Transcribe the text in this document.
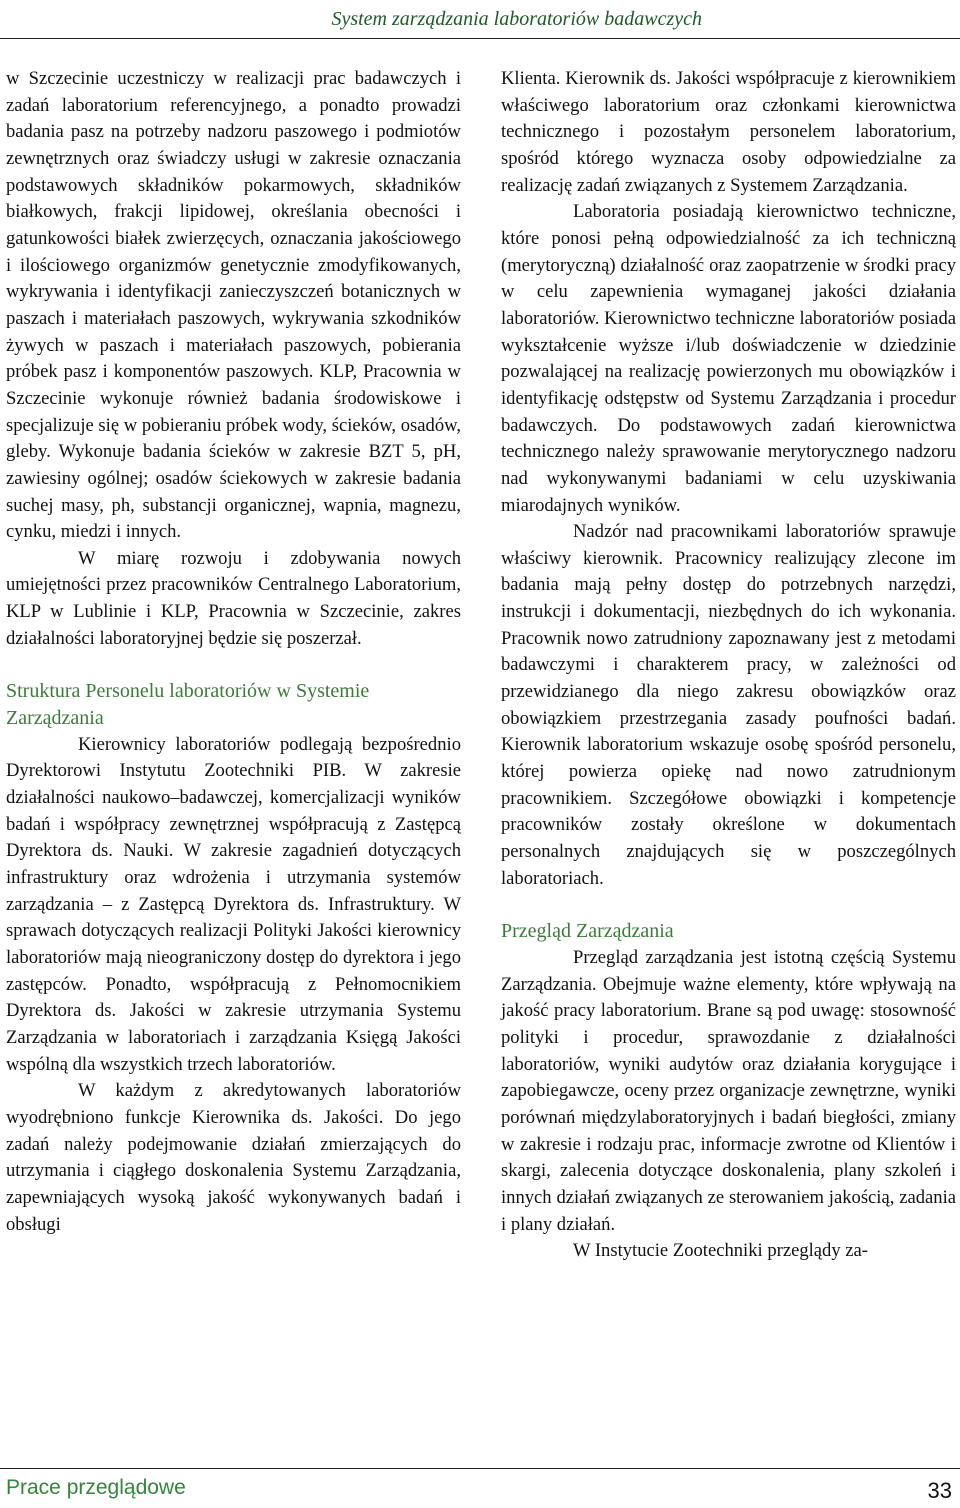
System zarządzania laboratoriów badawczych

w Szczecinie uczestniczy w realizacji prac badawczych i zadań laboratorium referencyjnego, a ponadto prowadzi badania pasz na potrzeby nadzoru paszowego i podmiotów zewnętrznych oraz świadczy usługi w zakresie oznaczania podstawowych składników pokarmowych, składników białkowych, frakcji lipidowej, określania obecności i gatunkowości białek zwierzęcych, oznaczania jakościowego i ilościowego organizmów genetycznie zmodyfikowanych, wykrywania i identyfikacji zanieczyszczeń botanicznych w paszach i materiałach paszowych, wykrywania szkodników żywych w paszach i materiałach paszowych, pobierania próbek pasz i komponentów paszowych. KLP, Pracownia w Szczecinie wykonuje również badania środowiskowe i specjalizuje się w pobieraniu próbek wody, ścieków, osadów, gleby. Wykonuje badania ścieków w zakresie BZT 5, pH, zawiesiny ogólnej; osadów ściekowych w zakresie badania suchej masy, ph, substancji organicznej, wapnia, magnezu, cynku, miedzi i innych.

W miarę rozwoju i zdobywania nowych umiejętności przez pracowników Centralnego Laboratorium, KLP w Lublinie i KLP, Pracownia w Szczecinie, zakres działalności laboratoryjnej będzie się poszerzał.

Struktura Personelu laboratoriów w Systemie Zarządzania

Kierownicy laboratoriów podlegają bezpośrednio Dyrektorowi Instytutu Zootechniki PIB. W zakresie działalności naukowo–badawczej, komercjalizacji wyników badań i współpracy zewnętrznej współpracują z Zastępcą Dyrektora ds. Nauki. W zakresie zagadnień dotyczących infrastruktury oraz wdrożenia i utrzymania systemów zarządzania – z Zastępcą Dyrektora ds. Infrastruktury. W sprawach dotyczących realizacji Polityki Jakości kierownicy laboratoriów mają nieograniczony dostęp do dyrektora i jego zastępców. Ponadto, współpracują z Pełnomocnikiem Dyrektora ds. Jakości w zakresie utrzymania Systemu Zarządzania w laboratoriach i zarządzania Księgą Jakości wspólną dla wszystkich trzech laboratoriów.

W każdym z akredytowanych laboratoriów wyodrębniono funkcje Kierownika ds. Jakości. Do jego zadań należy podejmowanie działań zmierzających do utrzymania i ciągłego doskonalenia Systemu Zarządzania, zapewniających wysoką jakość wykonywanych badań i obsługi

Klienta. Kierownik ds. Jakości współpracuje z kierownikiem właściwego laboratorium oraz członkami kierownictwa technicznego i pozostałym personelem laboratorium, spośród którego wyznacza osoby odpowiedzialne za realizację zadań związanych z Systemem Zarządzania.

Laboratoria posiadają kierownictwo techniczne, które ponosi pełną odpowiedzialność za ich techniczną (merytoryczną) działalność oraz zaopatrzenie w środki pracy w celu zapewnienia wymaganej jakości działania laboratoriów. Kierownictwo techniczne laboratoriów posiada wykształcenie wyższe i/lub doświadczenie w dziedzinie pozwalającej na realizację powierzonych mu obowiązków i identyfikację odstępstw od Systemu Zarządzania i procedur badawczych. Do podstawowych zadań kierownictwa technicznego należy sprawowanie merytorycznego nadzoru nad wykonywanymi badaniami w celu uzyskiwania miarodajnych wyników.

Nadzór nad pracownikami laboratoriów sprawuje właściwy kierownik. Pracownicy realizujący zlecone im badania mają pełny dostęp do potrzebnych narzędzi, instrukcji i dokumentacji, niezbędnych do ich wykonania. Pracownik nowo zatrudniony zapoznawany jest z metodami badawczymi i charakterem pracy, w zależności od przewidzianego dla niego zakresu obowiązków oraz obowiązkiem przestrzegania zasady poufności badań. Kierownik laboratorium wskazuje osobę spośród personelu, której powierza opiekę nad nowo zatrudnionym pracownikiem. Szczegółowe obowiązki i kompetencje pracowników zostały określone w dokumentach personalnych znajdujących się w poszczególnych laboratoriach.

Przegląd Zarządzania

Przegląd zarządzania jest istotną częścią Systemu Zarządzania. Obejmuje ważne elementy, które wpływają na jakość pracy laboratorium. Brane są pod uwagę: stosowność polityki i procedur, sprawozdanie z działalności laboratoriów, wyniki audytów oraz działania korygujące i zapobiegawcze, oceny przez organizacje zewnętrzne, wyniki porównań międzylaboratoryjnych i badań biegłości, zmiany w zakresie i rodzaju prac, informacje zwrotne od Klientów i skargi, zalecenia dotyczące doskonalenia, plany szkoleń i innych działań związanych ze sterowaniem jakością, zadania i plany działań.

W Instytucie Zootechniki przeglądy za-

Prace przeglądowe	33
